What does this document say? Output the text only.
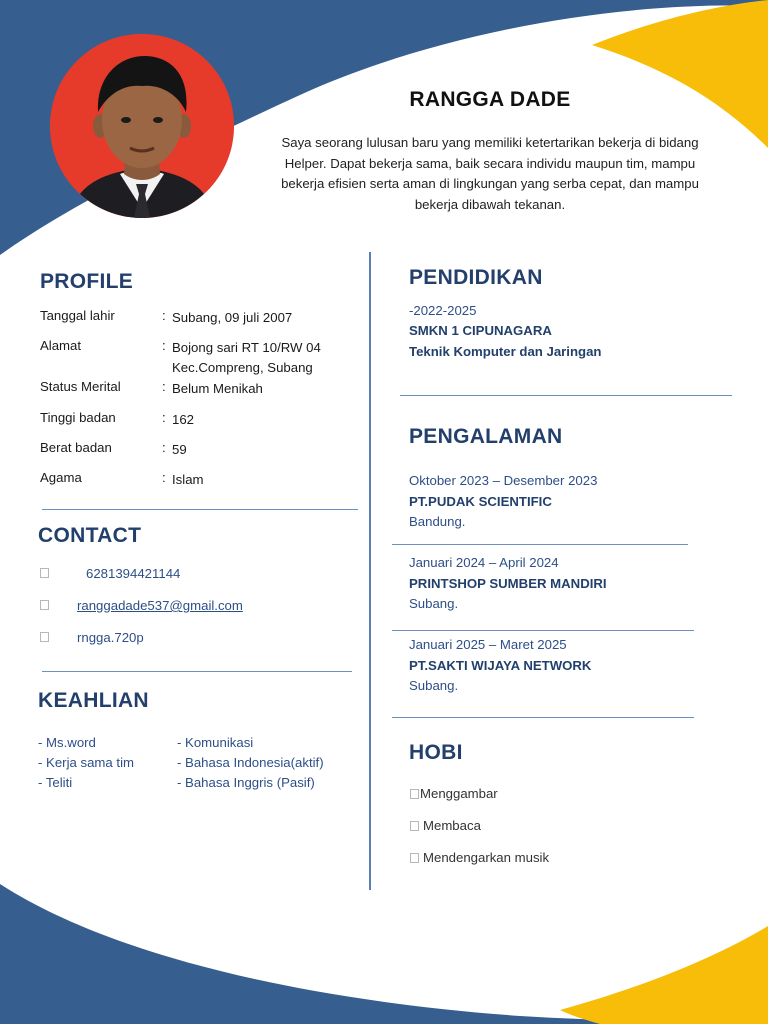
RANGGA DADE
Saya seorang lulusan baru yang memiliki ketertarikan bekerja di bidang Helper. Dapat bekerja sama, baik secara individu maupun tim, mampu bekerja efisien serta aman di lingkungan yang serba cepat, dan mampu bekerja dibawah tekanan.
PROFILE
Tanggal lahir	: Subang, 09 juli 2007
Alamat	: Bojong sari RT 10/RW 04
Kec.Compreng, Subang
Status Merital	: Belum Menikah
Tinggi badan	: 162
Berat badan	: 59
Agama	: Islam
CONTACT
6281394421144
ranggadade537@gmail.com
rngga.720p
KEAHLIAN
- Ms.word
- Kerja sama tim
- Teliti
- Komunikasi
- Bahasa Indonesia(aktif)
- Bahasa Inggris (Pasif)
PENDIDIKAN
-2022-2025
SMKN 1 CIPUNAGARA
Teknik Komputer dan Jaringan
PENGALAMAN
Oktober 2023 – Desember 2023
PT.PUDAK SCIENTIFIC
Bandung.
Januari 2024 – April 2024
PRINTSHOP SUMBER MANDIRI
Subang.
Januari 2025 – Maret 2025
PT.SAKTI WIJAYA NETWORK
Subang.
HOBI
Menggambar
Membaca
Mendengarkan musik
